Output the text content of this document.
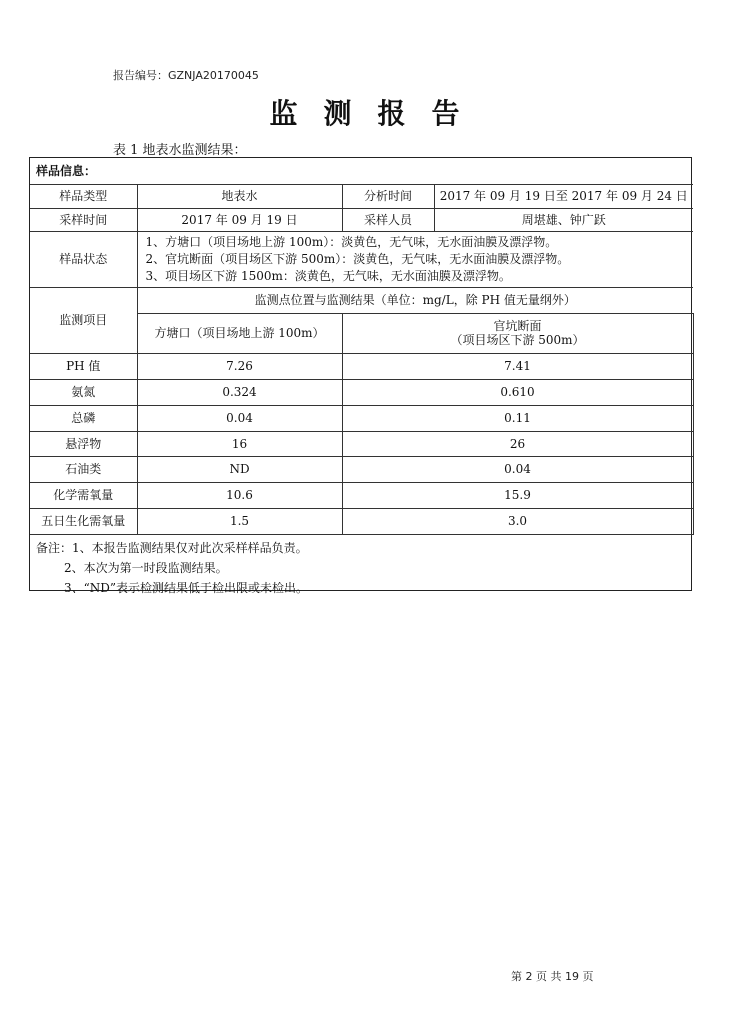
报告编号：GZNJA20170045
监测报告
表 1 地表水监测结果：
样品信息：				
样品类型	地表水	分析时间	2017 年 09 月 19 日至 2017 年 09 月 24 日	
采样时间	2017 年 09 月 19 日	采样人员	周堪雄、钟广跃	
样品状态	1、方塘口（项目场地上游 100m）：淡黄色，无气味，无水面油膜及漂浮物。
2、官坑断面（项目场区下游 500m）：淡黄色，无气味，无水面油膜及漂浮物。
3、项目场区下游 1500m：淡黄色，无气味，无水面油膜及漂浮物。			

监测项目	监测点位置与监测结果（单位：mg/L，除 PH 值无量纲外）			
	方塘口（项目场地上游 100m）	官坑断面
（项目场区下游 500m）

PH 值	7.26	7.41	
氨氮	0.324	0.610	
总磷	0.04	0.11	
悬浮物	16	26	
石油类	ND	0.04	
化学需氧量	10.6	15.9	
五日生化需氧量	1.5	3.0	

备注：1、本报告监测结果仅对此次采样样品负责。
2、本次为第一时段监测结果。
3、“ND”表示检测结果低于检出限或未检出。				
第 2 页 共 19 页
